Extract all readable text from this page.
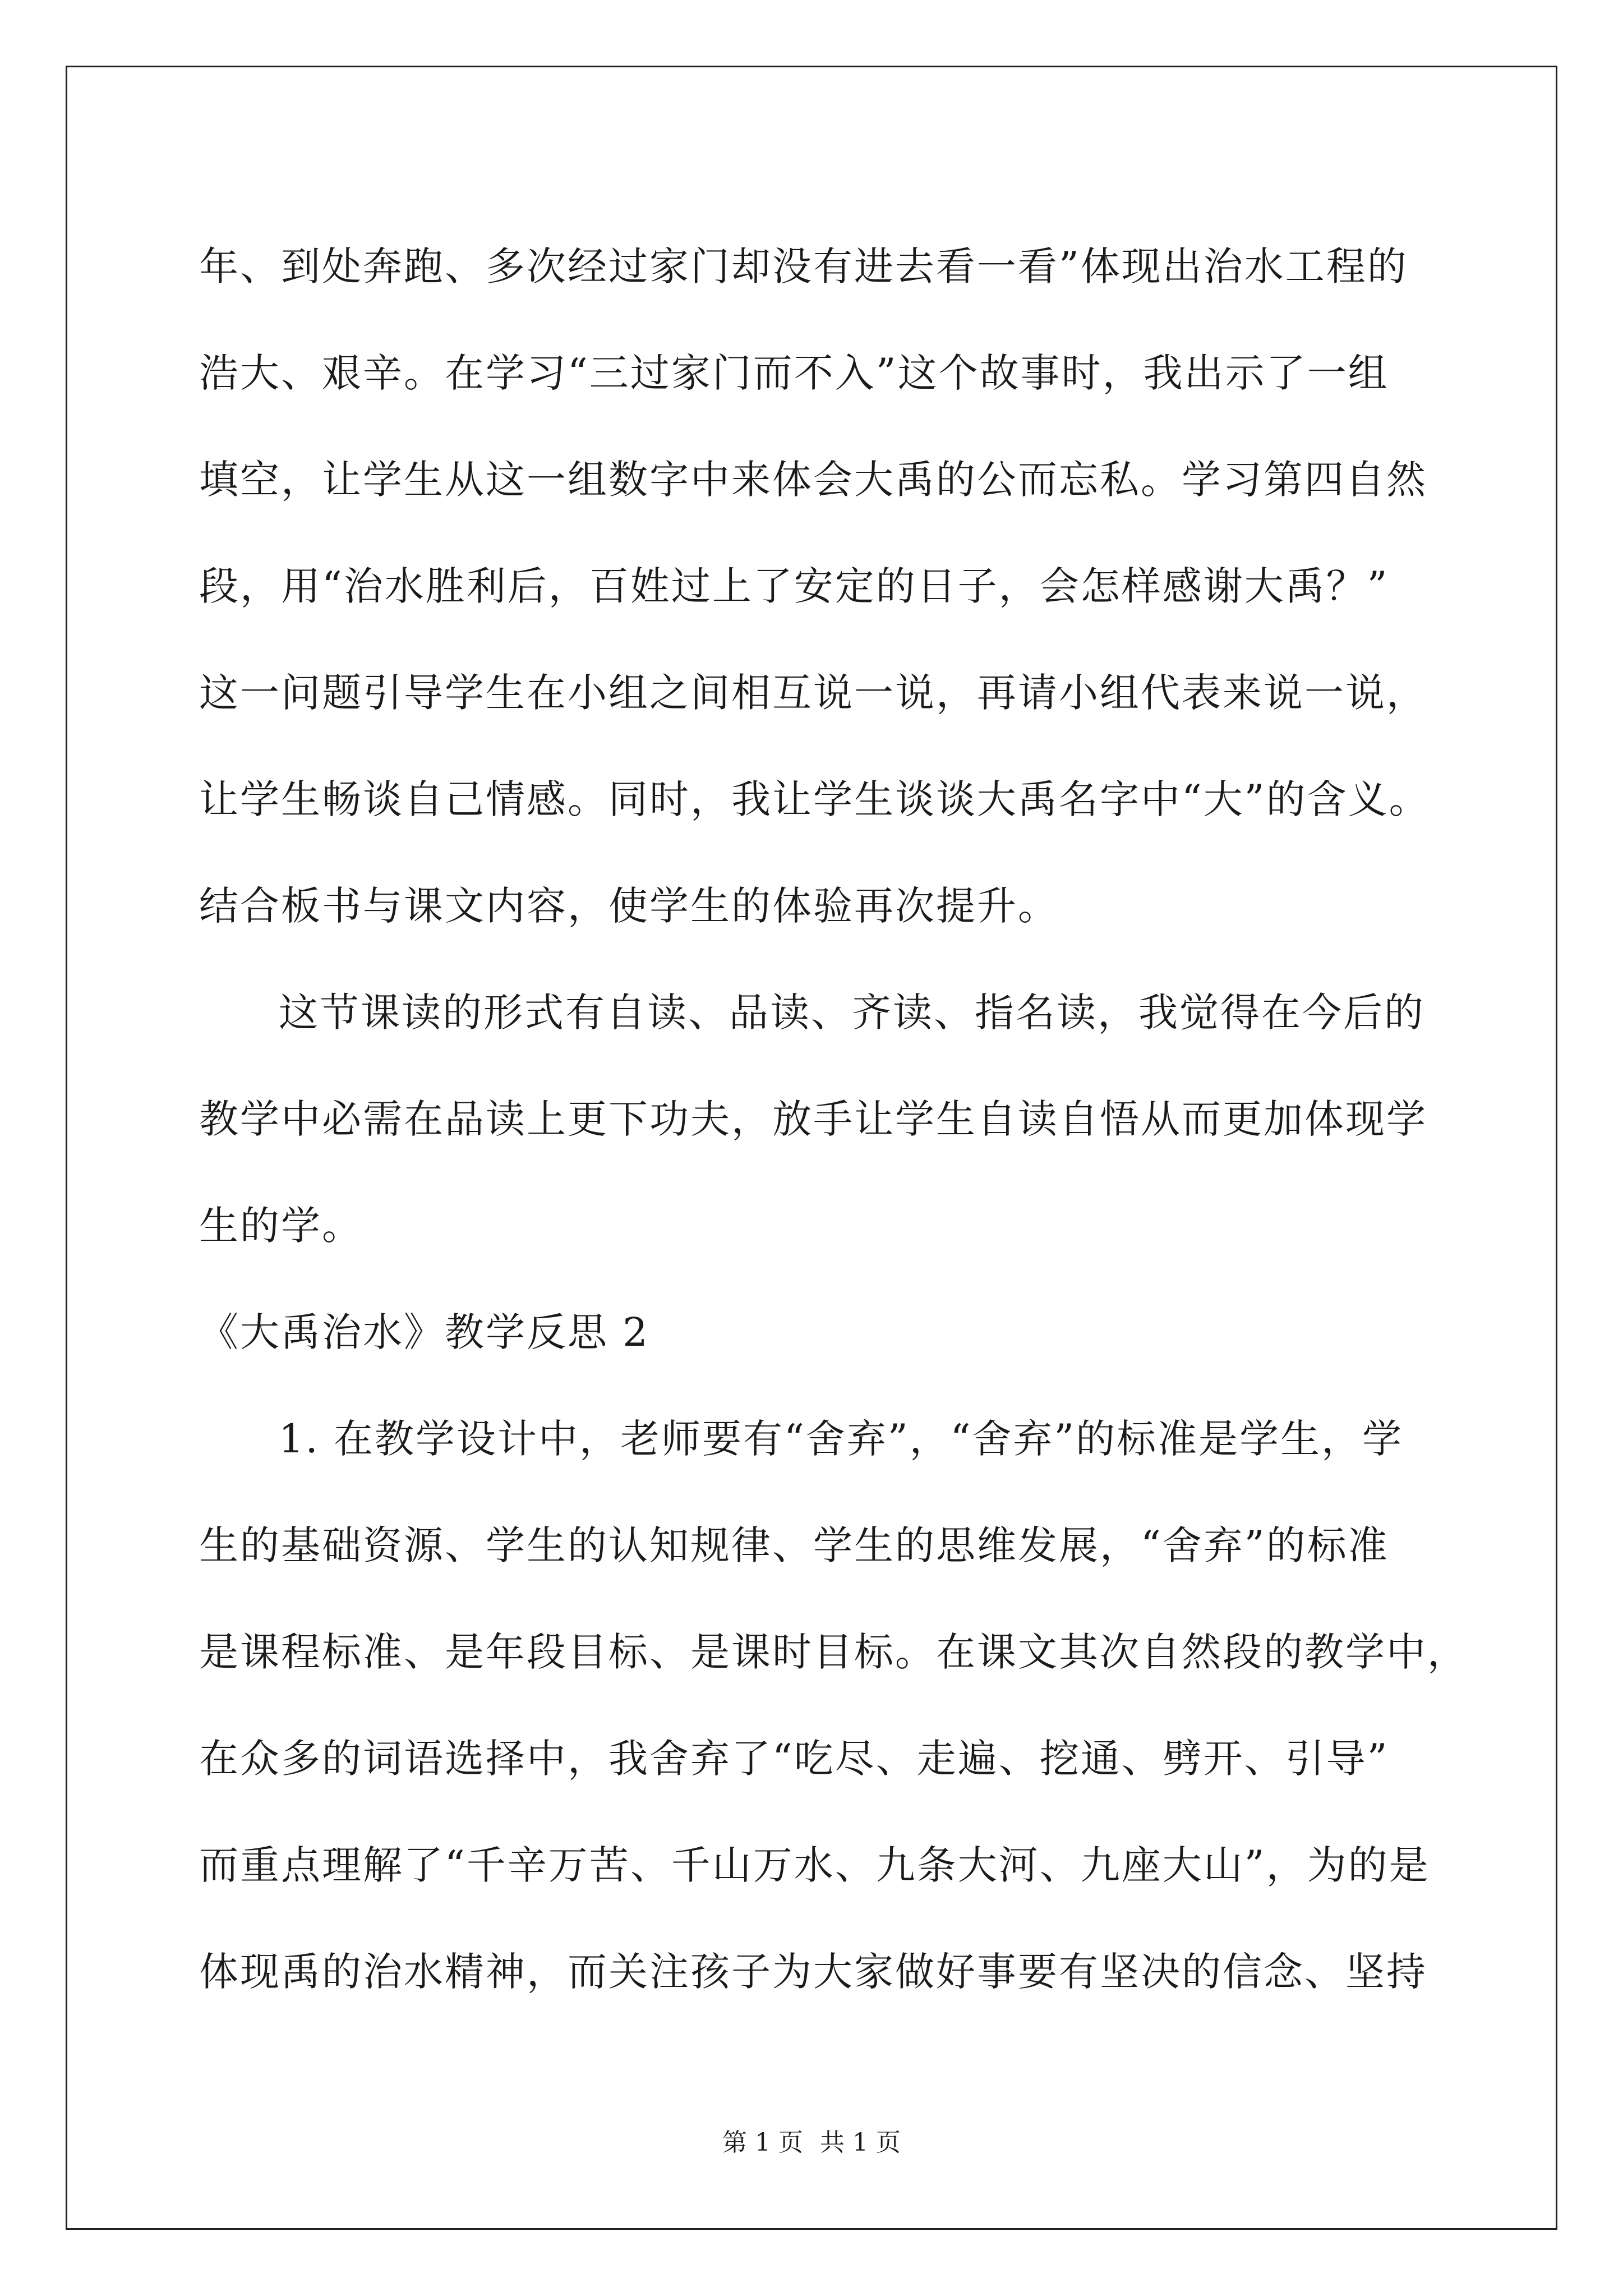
年、到处奔跑、多次经过家门却没有进去看一看”体现出治水工程的
浩大、艰辛。在学习“三过家门而不入”这个故事时，我出示了一组
填空，让学生从这一组数字中来体会大禹的公而忘私。学习第四自然
段，用“治水胜利后，百姓过上了安定的日子，会怎样感谢大禹？”
这一问题引导学生在小组之间相互说一说，再请小组代表来说一说，
让学生畅谈自己情感。同时，我让学生谈谈大禹名字中“大”的含义。
结合板书与课文内容，使学生的体验再次提升。
这节课读的形式有自读、品读、齐读、指名读，我觉得在今后的
教学中必需在品读上更下功夫，放手让学生自读自悟从而更加体现学
生的学。
《大禹治水》教学反思 2
1. 在教学设计中，老师要有“舍弃”，“舍弃”的标准是学生，学
生的基础资源、学生的认知规律、学生的思维发展，“舍弃”的标准
是课程标准、是年段目标、是课时目标。在课文其次自然段的教学中，
在众多的词语选择中，我舍弃了“吃尽、走遍、挖通、劈开、引导”
而重点理解了“千辛万苦、千山万水、九条大河、九座大山”，为的是
体现禹的治水精神，而关注孩子为大家做好事要有坚决的信念、坚持
第 1 页 共 1 页
